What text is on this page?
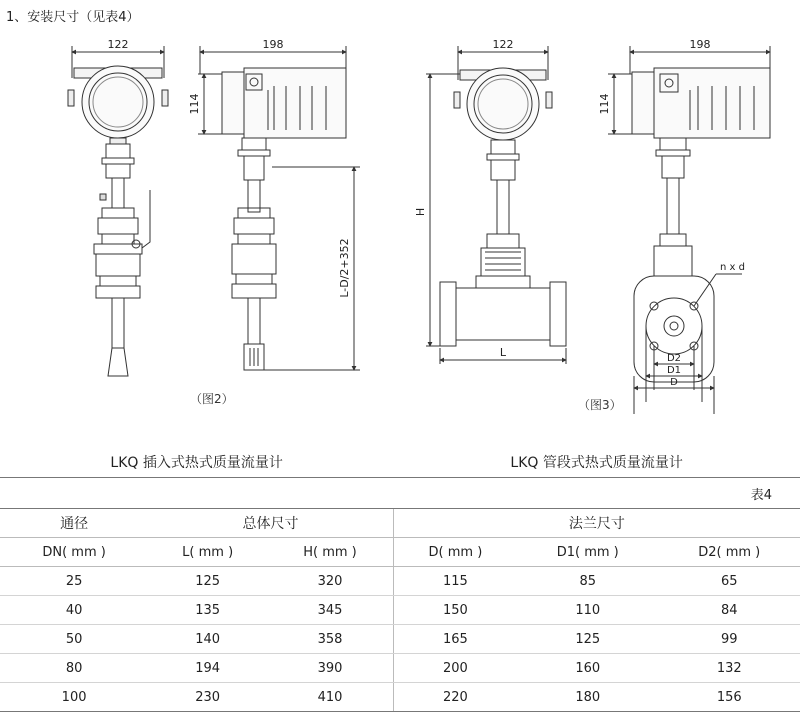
1、安装尺寸（见表4）
122	198
114
L-D/2+352
122
H
L
198
114
n x d
D2
D1
D
（图2）	（图3）
LKQ 插入式热式质量流量计			LKQ 管段式热式质量流量计		
表4					
通径	总体尺寸		法兰尺寸		
DN( mm )	L( mm )	H( mm )	D( mm )	D1( mm )	D2( mm )
25	125	320	115	85	65
40	135	345	150	110	84
50	140	358	165	125	99
80	194	390	200	160	132
100	230	410	220	180	156
